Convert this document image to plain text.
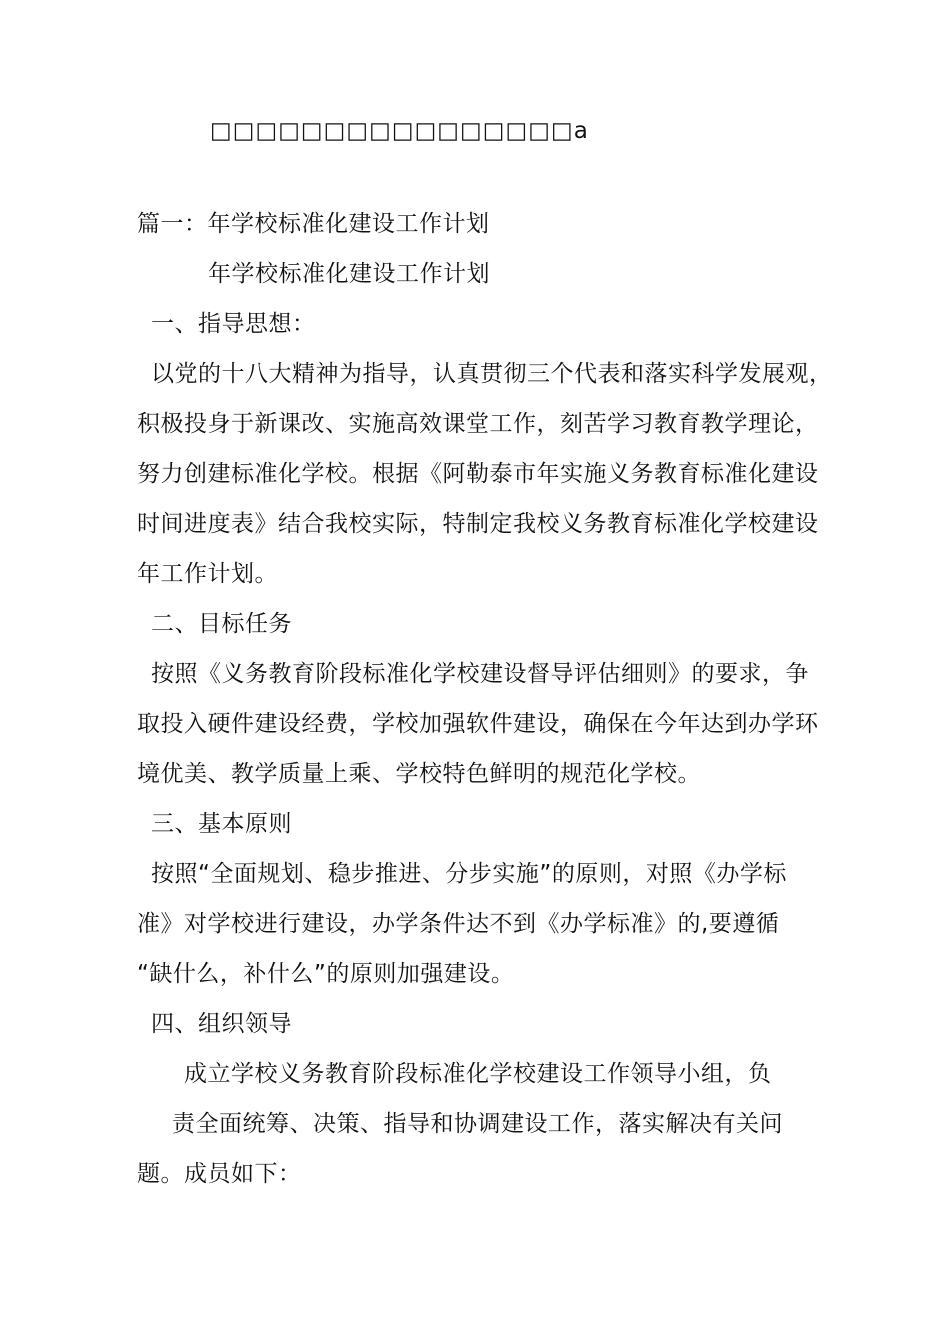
□□□□□□□□□□□□□□□□a
篇一：年学校标准化建设工作计划
年学校标准化建设工作计划
一、指导思想：
以党的十八大精神为指导，认真贯彻三个代表和落实科学发展观，
积极投身于新课改、实施高效课堂工作，刻苦学习教育教学理论，
努力创建标准化学校。根据《阿勒泰市年实施义务教育标准化建设
时间进度表》结合我校实际，特制定我校义务教育标准化学校建设
年工作计划。
二、目标任务
按照《义务教育阶段标准化学校建设督导评估细则》的要求，争
取投入硬件建设经费，学校加强软件建设，确保在今年达到办学环
境优美、教学质量上乘、学校特色鲜明的规范化学校。
三、基本原则
按照“全面规划、稳步推进、分步实施”的原则，对照《办学标
准》对学校进行建设，办学条件达不到《办学标准》的,要遵循
“缺什么，补什么”的原则加强建设。
四、组织领导
成立学校义务教育阶段标准化学校建设工作领导小组，负
责全面统筹、决策、指导和协调建设工作，落实解决有关问
题。成员如下：
